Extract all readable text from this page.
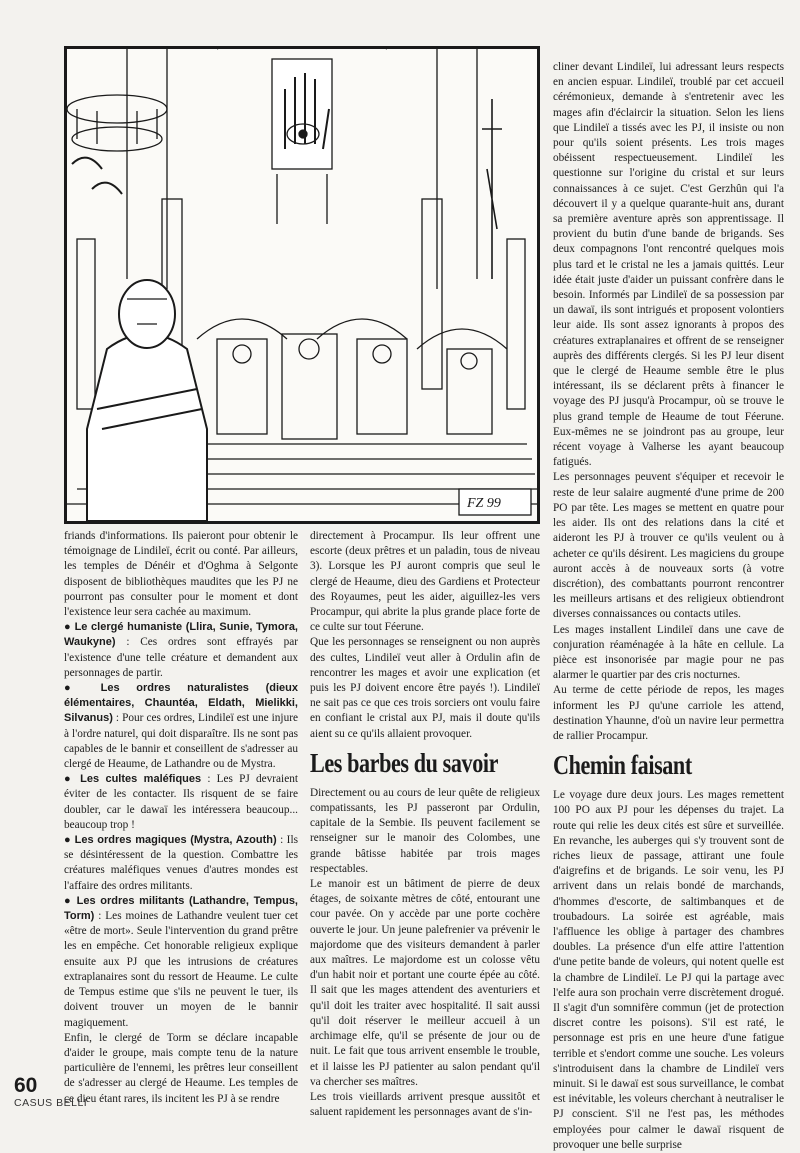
FZ 99

friands d'informations. Ils paieront pour obtenir le témoignage de Lindileï, écrit ou conté. Par ailleurs, les temples de Dénéir et d'Oghma à Selgonte disposent de bibliothèques maudites que les PJ ne pourront pas consulter pour le moment et dont l'existence leur sera cachée au maximum.

● Le clergé humaniste (Llira, Sunie, Tymora, Waukyne) : Ces ordres sont effrayés par l'existence d'une telle créature et demandent aux personnages de partir.

● Les ordres naturalistes (dieux élémentaires, Chauntéa, Eldath, Mielikki, Silvanus) : Pour ces ordres, Lindileï est une injure à l'ordre naturel, qui doit disparaître. Ils ne sont pas capables de le bannir et conseillent de s'adresser au clergé de Heaume, de Lathandre ou de Mystra.

● Les cultes maléfiques : Les PJ devraient éviter de les contacter. Ils risquent de se faire doubler, car le dawaï les intéressera beaucoup... beaucoup trop !

● Les ordres magiques (Mystra, Azouth) : Ils se désintéressent de la question. Combattre les créatures maléfiques venues d'autres mondes est l'affaire des ordres militants.

● Les ordres militants (Lathandre, Tempus, Torm) : Les moines de Lathandre veulent tuer cet «être de mort». Seule l'intervention du grand prêtre les en empêche. Cet honorable religieux explique ensuite aux PJ que les intrusions de créatures extraplanaires sont du ressort de Heaume. Le culte de Tempus estime que s'ils ne peuvent le tuer, ils doivent trouver un moyen de le bannir magiquement.

Enfin, le clergé de Torm se déclare incapable d'aider le groupe, mais compte tenu de la nature particulière de l'ennemi, les prêtres leur conseillent de s'adresser au clergé de Heaume. Les temples de ce dieu étant rares, ils incitent les PJ à se rendre

directement à Procampur. Ils leur offrent une escorte (deux prêtres et un paladin, tous de niveau 3). Lorsque les PJ auront compris que seul le clergé de Heaume, dieu des Gardiens et Protecteur des Royaumes, peut les aider, aiguillez-les vers Procampur, qui abrite la plus grande place forte de ce culte sur tout Féerune.

Que les personnages se renseignent ou non auprès des cultes, Lindileï veut aller à Ordulin afin de rencontrer les mages et avoir une explication (et puis les PJ doivent encore être payés !). Lindileï ne sait pas ce que ces trois sorciers ont voulu faire en confiant le cristal aux PJ, mais il doute qu'ils aient su ce qu'ils allaient provoquer.

Les barbes du savoir

Directement ou au cours de leur quête de religieux compatissants, les PJ passeront par Ordulin, capitale de la Sembie. Ils peuvent facilement se renseigner sur le manoir des Colombes, une grande bâtisse habitée par trois mages respectables.

Le manoir est un bâtiment de pierre de deux étages, de soixante mètres de côté, entourant une cour pavée. On y accède par une porte cochère ouverte le jour. Un jeune palefrenier va prévenir le majordome que des visiteurs demandent à parler aux maîtres. Le majordome est un colosse vêtu d'un habit noir et portant une courte épée au côté. Il sait que les mages attendent des aventuriers et qu'il doit les traiter avec hospitalité. Il sait aussi qu'il doit réserver le meilleur accueil à un archimage elfe, qu'il se présente de jour ou de nuit. Le fait que tous arrivent ensemble le trouble, et il laisse les PJ patienter au salon pendant qu'il va chercher ses maîtres.

Les trois vieillards arrivent presque aussitôt et saluent rapidement les personnages avant de s'in-

cliner devant Lindileï, lui adressant leurs respects en ancien espuar. Lindileï, troublé par cet accueil cérémonieux, demande à s'entretenir avec les mages afin d'éclaircir la situation. Selon les liens que Lindileï a tissés avec les PJ, il insiste ou non pour qu'ils soient présents. Les trois mages obéissent respectueusement. Lindileï les questionne sur l'origine du cristal et sur leurs connaissances à ce sujet. C'est Gerzhûn qui l'a découvert il y a quelque quarante-huit ans, durant sa première aventure après son apprentissage. Il provient du butin d'une bande de brigands. Ses deux compagnons l'ont rencontré quelques mois plus tard et le cristal ne les a jamais quittés. Leur idée était juste d'aider un puissant confrère dans le besoin. Informés par Lindileï de sa possession par un dawaï, ils sont intrigués et proposent volontiers leur aide. Ils sont assez ignorants à propos des créatures extraplanaires et offrent de se renseigner auprès des différents clergés. Si les PJ leur disent que le clergé de Heaume semble être le plus intéressant, ils se déclarent prêts à financer le voyage des PJ jusqu'à Procampur, où se trouve le plus grand temple de Heaume de tout Féerune. Eux-mêmes ne se joindront pas au groupe, leur récent voyage à Valherse les ayant beaucoup fatigués.

Les personnages peuvent s'équiper et recevoir le reste de leur salaire augmenté d'une prime de 200 PO par tête. Les mages se mettent en quatre pour les aider. Ils ont des relations dans la cité et aideront les PJ à trouver ce qu'ils veulent ou à acheter ce qu'ils désirent. Les magiciens du groupe auront accès à de nouveaux sorts (à votre discrétion), des combattants pourront rencontrer les meilleurs artisans et des religieux obtiendront diverses connaissances ou contacts utiles.

Les mages installent Lindileï dans une cave de conjuration réaménagée à la hâte en cellule. La pièce est insonorisée par magie pour ne pas alarmer le quartier par des cris nocturnes.

Au terme de cette période de repos, les mages informent les PJ qu'une carriole les attend, destination Yhaunne, d'où un navire leur permettra de rallier Procampur.

Chemin faisant

Le voyage dure deux jours. Les mages remettent 100 PO aux PJ pour les dépenses du trajet. La route qui relie les deux cités est sûre et surveillée. En revanche, les auberges qui s'y trouvent sont de riches lieux de passage, attirant une foule d'aigrefins et de brigands. Le soir venu, les PJ arrivent dans un relais bondé de marchands, d'hommes d'escorte, de saltimbanques et de troubadours. La soirée est agréable, mais l'affluence les oblige à partager des chambres doubles. La présence d'un elfe attire l'attention d'une petite bande de voleurs, qui notent quelle est la chambre de Lindileï. Le PJ qui la partage avec l'elfe aura son prochain verre discrètement drogué. Il s'agit d'un somnifère commun (jet de protection discret contre les poisons). S'il est raté, le personnage est pris en une heure d'une fatigue terrible et s'endort comme une souche. Les voleurs s'introduisent dans la chambre de Lindileï vers minuit. Si le dawaï est sous surveillance, le combat est inévitable, les voleurs cherchant à neutraliser le PJ conscient. S'il ne l'est pas, les méthodes employées pour calmer le dawaï risquent de provoquer une belle surprise

60
CASUS BELLI
